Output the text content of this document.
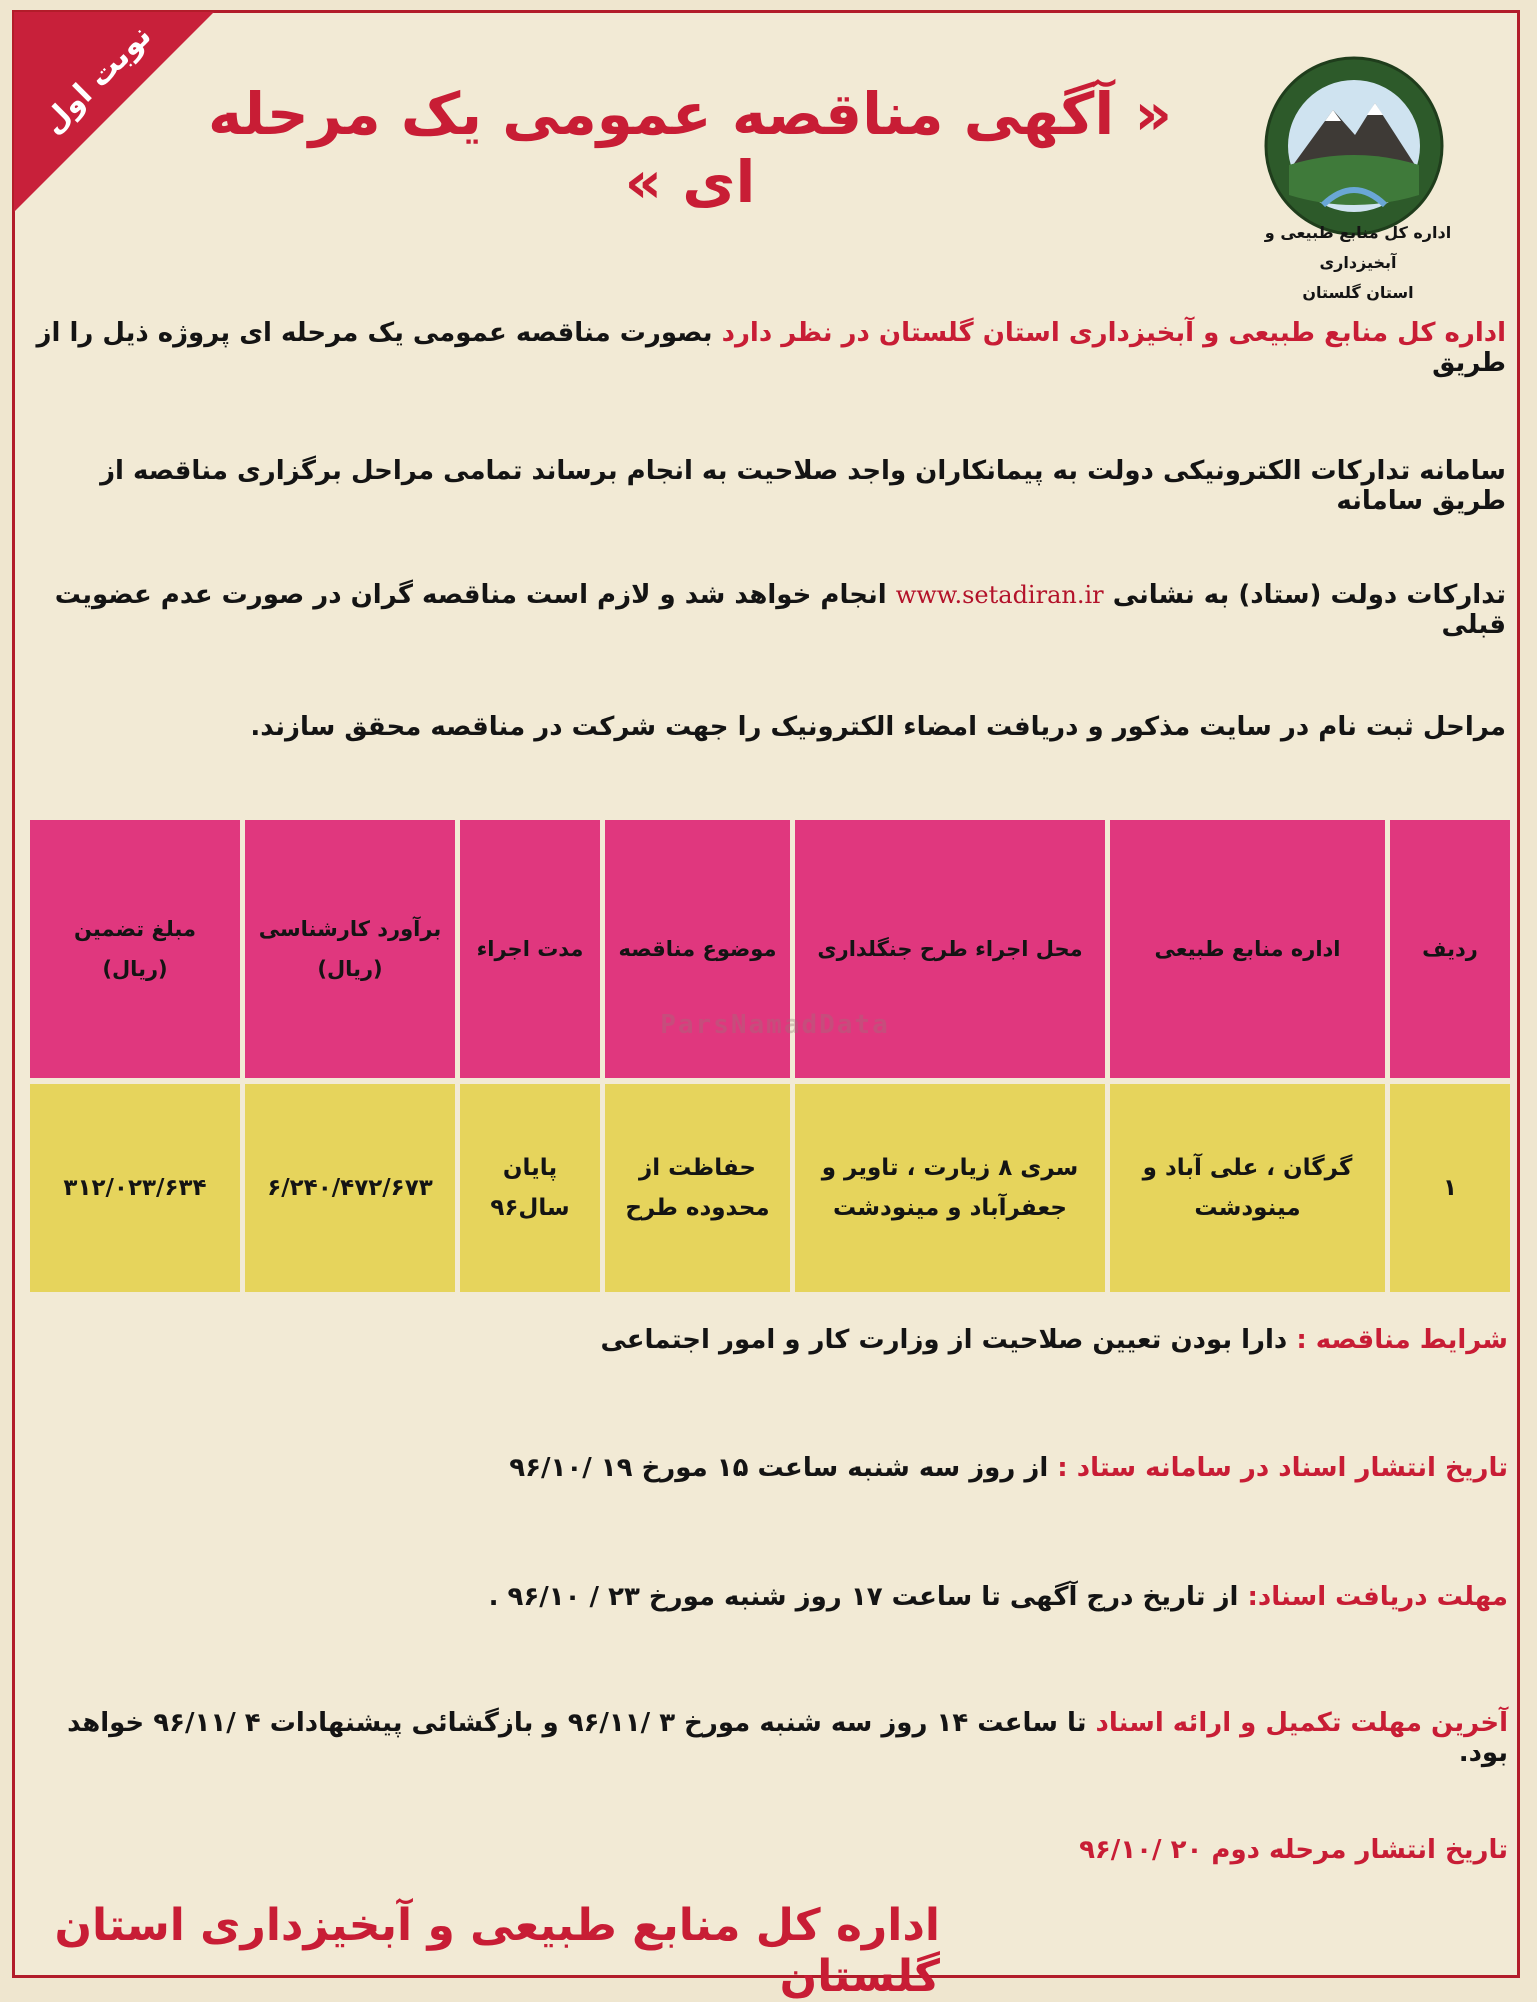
نوبت اول « آگهی مناقصه عمومی یک مرحله ای »
اداره کل منابع طبیعی و آبخیزداری
استان گلستان
اداره کل منابع طبیعی و آبخیزداری استان گلستان در نظر دارد بصورت مناقصه عمومی یک مرحله ای پروژه ذیل را از طریق
سامانه تدارکات الکترونیکی دولت به پیمانکاران واجد صلاحیت به انجام برساند تمامی مراحل برگزاری مناقصه از طریق سامانه
تدارکات دولت (ستاد) به نشانی www.setadiran.ir انجام خواهد شد و لازم است مناقصه گران در صورت عدم عضویت قبلی
مراحل ثبت نام در سایت مذکور و دریافت امضاء الکترونیک را جهت شرکت در مناقصه محقق سازند.
ردیف
اداره منابع طبیعی
محل اجراء طرح جنگلداری
موضوع مناقصه
مدت اجراء
برآورد کارشناسی
(ریال)
مبلغ تضمین
(ریال)
۱
گرگان ، علی آباد و
مینودشت
سری ۸ زیارت ، تاویر و
جعفرآباد و مینودشت
حفاظت از
محدوده طرح
پایان سال۹۶
۶/۲۴۰/۴۷۲/۶۷۳
۳۱۲/۰۲۳/۶۳۴
ParsNamadData
شرایط مناقصه : دارا بودن تعیین صلاحیت از وزارت کار و امور اجتماعی
تاریخ انتشار اسناد در سامانه ستاد : از روز سه شنبه ساعت ۱۵ مورخ ۱۹ /۹۶/۱۰
مهلت دریافت اسناد: از تاریخ درج آگهی تا ساعت ۱۷ روز شنبه مورخ ۲۳ / ۹۶/۱۰ .
آخرین مهلت تکمیل و ارائه اسناد تا ساعت ۱۴ روز سه شنبه مورخ ۳ /۹۶/۱۱ و بازگشائی پیشنهادات ۴ /۹۶/۱۱ خواهد بود.
تاریخ انتشار مرحله دوم ۲۰ /۹۶/۱۰
اداره کل منابع طبیعی و آبخیزداری استان گلستان
